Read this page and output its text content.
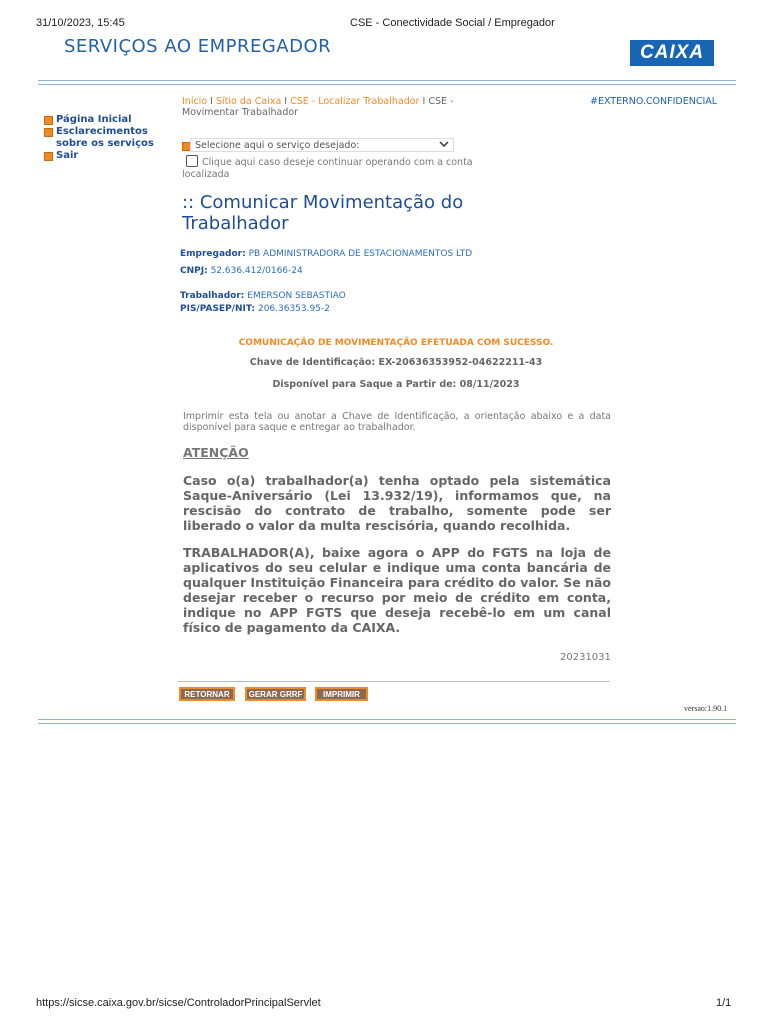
31/10/2023, 15:45	CSE - Conectividade Social / Empregador
SERVIÇOS AO EMPREGADOR	CAIXA
Página Inicial
Esclarecimentos sobre os serviços
Sair
Início I Sítio da Caixa I CSE - Localizar Trabalhador I CSE - Movimentar Trabalhador
#EXTERNO.CONFIDENCIAL
Selecione aqui o serviço desejado:
Clique aqui caso deseje continuar operando com a conta localizada
:: Comunicar Movimentação do Trabalhador
Empregador: PB ADMINISTRADORA DE ESTACIONAMENTOS LTD
CNPJ: 52.636.412/0166-24
Trabalhador: EMERSON SEBASTIAO
PIS/PASEP/NIT: 206.36353.95-2
COMUNICAÇÃO DE MOVIMENTAÇÃO EFETUADA COM SUCESSO.
Chave de Identificação: EX-20636353952-04622211-43
Disponível para Saque a Partir de: 08/11/2023
Imprimir esta tela ou anotar a Chave de Identificação, a orientação abaixo e a data disponível para saque e entregar ao trabalhador.
ATENÇÃO
Caso o(a) trabalhador(a) tenha optado pela sistemática Saque-Aniversário (Lei 13.932/19), informamos que, na rescisão do contrato de trabalho, somente pode ser liberado o valor da multa rescisória, quando recolhida.
TRABALHADOR(A), baixe agora o APP do FGTS na loja de aplicativos do seu celular e indique uma conta bancária de qualquer Instituição Financeira para crédito do valor. Se não desejar receber o recurso por meio de crédito em conta, indique no APP FGTS que deseja recebê-lo em um canal físico de pagamento da CAIXA.
20231031
RETORNAR	GERAR GRRF	IMPRIMIR
versao:1.90.1
https://sicse.caixa.gov.br/sicse/ControladorPrincipalServlet	1/1
